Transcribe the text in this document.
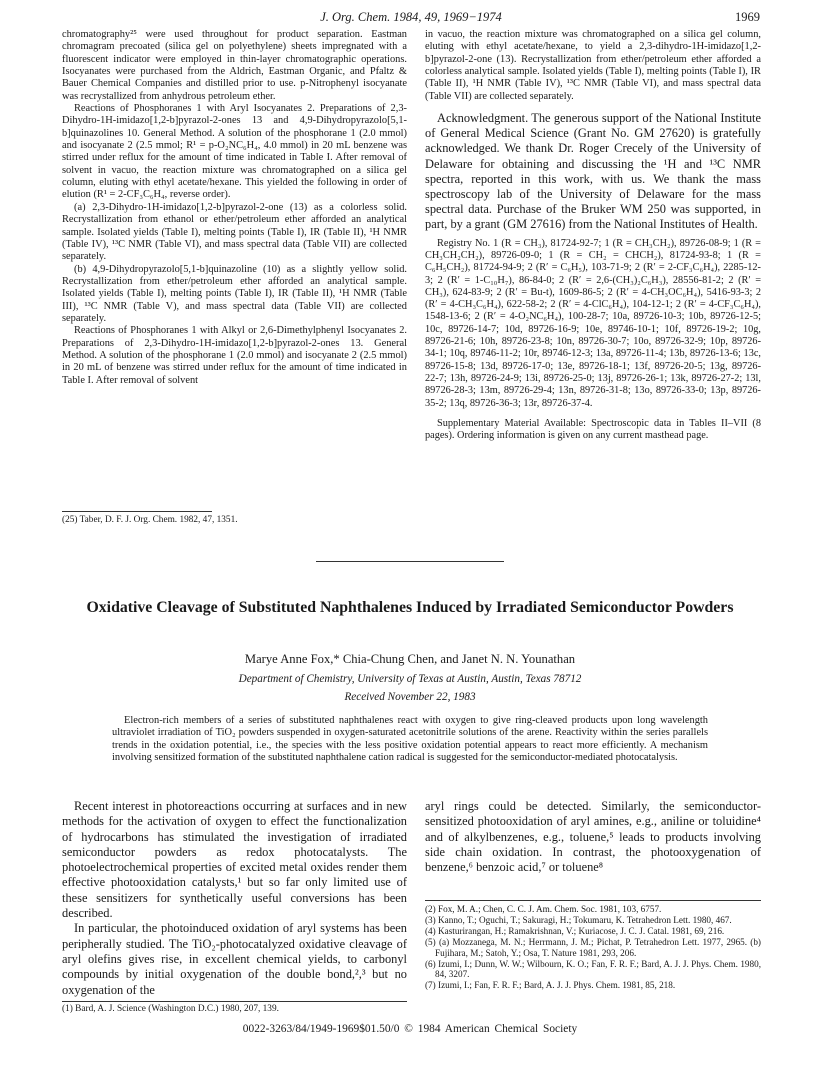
J. Org. Chem. 1984, 49, 1969−1974	1969

chromatography²⁵ were used throughout for product separation. Eastman chromagram precoated (silica gel on polyethylene) sheets impregnated with a fluorescent indicator were employed in thin-layer chromatographic operations. Isocyanates were purchased from the Aldrich, Eastman Organic, and Pfaltz & Bauer Chemical Companies and distilled prior to use. p-Nitrophenyl isocyanate was recrystallized from anhydrous petroleum ether.

Reactions of Phosphoranes 1 with Aryl Isocyanates 2. Preparations of 2,3-Dihydro-1H-imidazo[1,2-b]pyrazol-2-ones 13 and 4,9-Dihydropyrazolo[5,1-b]quinazolines 10. General Method. A solution of the phosphorane 1 (2.0 mmol) and isocyanate 2 (2.5 mmol; R¹ = p-O₂NC₆H₄, 4.0 mmol) in 20 mL benzene was stirred under reflux for the amount of time indicated in Table I. After removal of solvent in vacuo, the reaction mixture was chromatographed on a silica gel column, eluting with ethyl acetate/hexane. This yielded the following in order of elution (R¹ = 2-CF₃C₆H₄, reverse order).

(a) 2,3-Dihydro-1H-imidazo[1,2-b]pyrazol-2-one (13) as a colorless solid. Recrystallization from ethanol or ether/petroleum ether afforded an analytical sample. Isolated yields (Table I), melting points (Table I), IR (Table II), ¹H NMR (Table IV), ¹³C NMR (Table VI), and mass spectral data (Table VII) are collected separately.

(b) 4,9-Dihydropyrazolo[5,1-b]quinazoline (10) as a slightly yellow solid. Recrystallization from ether/petroleum ether afforded an analytical sample. Isolated yields (Table I), melting points (Table I), IR (Table II), ¹H NMR (Table III), ¹³C NMR (Table V), and mass spectral data (Table VII) are collected separately.

Reactions of Phosphoranes 1 with Alkyl or 2,6-Dimethylphenyl Isocyanates 2. Preparations of 2,3-Dihydro-1H-imidazo[1,2-b]pyrazol-2-ones 13. General Method. A solution of the phosphorane 1 (2.0 mmol) and isocyanate 2 (2.5 mmol) in 20 mL of benzene was stirred under reflux for the amount of time indicated in Table I. After removal of solvent

in vacuo, the reaction mixture was chromatographed on a silica gel column, eluting with ethyl acetate/hexane, to yield a 2,3-dihydro-1H-imidazo[1,2-b]pyrazol-2-one (13). Recrystallization from ether/petroleum ether afforded a colorless analytical sample. Isolated yields (Table I), melting points (Table I), IR (Table II), ¹H NMR (Table IV), ¹³C NMR (Table VI), and mass spectral data (Table VII) are collected separately.

Acknowledgment. The generous support of the National Institute of General Medical Science (Grant No. GM 27620) is gratefully acknowledged. We thank Dr. Roger Crecely of the University of Delaware for obtaining and discussing the ¹H and ¹³C NMR spectra, reported in this work, with us. We thank the mass spectroscopy lab of the University of Delaware for the mass spectral data. Purchase of the Bruker WM 250 was supported, in part, by a grant (GM 27616) from the National Institutes of Health.

Registry No. 1 (R = CH₃), 81724-92-7; 1 (R = CH₃CH₂), 89726-08-9; 1 (R = CH₃CH₂CH₂), 89726-09-0; 1 (R = CH₂ = CHCH₂), 81724-93-8; 1 (R = C₆H₅CH₂), 81724-94-9; 2 (R′ = C₆H₅), 103-71-9; 2 (R′ = 2-CF₃C₆H₄), 2285-12-3; 2 (R′ = 1-C₁₀H₇), 86-84-0; 2 (R′ = 2,6-(CH₃)₂C₆H₃), 28556-81-2; 2 (R′ = CH₃), 624-83-9; 2 (R′ = Bu-t), 1609-86-5; 2 (R′ = 4-CH₃OC₆H₄), 5416-93-3; 2 (R′ = 4-CH₃C₆H₄), 622-58-2; 2 (R′ = 4-ClC₆H₄), 104-12-1; 2 (R′ = 4-CF₃C₆H₄), 1548-13-6; 2 (R′ = 4-O₂NC₆H₄), 100-28-7; 10a, 89726-10-3; 10b, 89726-12-5; 10c, 89726-14-7; 10d, 89726-16-9; 10e, 89746-10-1; 10f, 89726-19-2; 10g, 89726-21-6; 10h, 89726-23-8; 10n, 89726-30-7; 10o, 89726-32-9; 10p, 89726-34-1; 10q, 89746-11-2; 10r, 89746-12-3; 13a, 89726-11-4; 13b, 89726-13-6; 13c, 89726-15-8; 13d, 89726-17-0; 13e, 89726-18-1; 13f, 89726-20-5; 13g, 89726-22-7; 13h, 89726-24-9; 13i, 89726-25-0; 13j, 89726-26-1; 13k, 89726-27-2; 13l, 89726-28-3; 13m, 89726-29-4; 13n, 89726-31-8; 13o, 89726-33-0; 13p, 89726-35-2; 13q, 89726-36-3; 13r, 89726-37-4.

Supplementary Material Available: Spectroscopic data in Tables II–VII (8 pages). Ordering information is given on any current masthead page.

(25) Taber, D. F. J. Org. Chem. 1982, 47, 1351.
Oxidative Cleavage of Substituted Naphthalenes Induced by Irradiated Semiconductor Powders
Marye Anne Fox,* Chia-Chung Chen, and Janet N. N. Younathan
Department of Chemistry, University of Texas at Austin, Austin, Texas 78712
Received November 22, 1983
Electron-rich members of a series of substituted naphthalenes react with oxygen to give ring-cleaved products upon long wavelength ultraviolet irradiation of TiO₂ powders suspended in oxygen-saturated acetonitrile solutions of the arene. Reactivity within the series parallels trends in the oxidation potential, i.e., the species with the less positive oxidation potential appears to react more efficiently. A mechanism involving sensitized formation of the substituted naphthalene cation radical is suggested for the semiconductor-mediated photocatalysis.

Recent interest in photoreactions occurring at surfaces and in new methods for the activation of oxygen to effect the functionalization of hydrocarbons has stimulated the investigation of irradiated semiconductor powders as redox photocatalysts. The photoelectrochemical properties of excited metal oxides render them effective photooxidation catalysts,¹ but so far only limited use of these sensitizers for synthetically useful conversions has been described.

In particular, the photoinduced oxidation of aryl systems has been peripherally studied. The TiO₂-photocatalyzed oxidative cleavage of aryl olefins gives rise, in excellent chemical yields, to carbonyl compounds by initial oxygenation of the double bond,²,³ but no oxygenation of the

aryl rings could be detected. Similarly, the semiconductor-sensitized photooxidation of aryl amines, e.g., aniline or toluidine⁴ and of alkylbenzenes, e.g., toluene,⁵ leads to products involving side chain oxidation. In contrast, the photooxygenation of benzene,⁶ benzoic acid,⁷ or toluene⁸

(1) Bard, A. J. Science (Washington D.C.) 1980, 207, 139.

(2) Fox, M. A.; Chen, C. C. J. Am. Chem. Soc. 1981, 103, 6757.

(3) Kanno, T.; Oguchi, T.; Sakuragi, H.; Tokumaru, K. Tetrahedron Lett. 1980, 467.

(4) Kasturirangan, H.; Ramakrishnan, V.; Kuriacose, J. C. J. Catal. 1981, 69, 216.

(5) (a) Mozzanega, M. N.; Herrmann, J. M.; Pichat, P. Tetrahedron Lett. 1977, 2965. (b) Fujihara, M.; Satoh, Y.; Osa, T. Nature 1981, 293, 206.

(6) Izumi, I.; Dunn, W. W.; Wilbourn, K. O.; Fan, F. R. F.; Bard, A. J. J. Phys. Chem. 1980, 84, 3207.

(7) Izumi, I.; Fan, F. R. F.; Bard, A. J. J. Phys. Chem. 1981, 85, 218.

0022-3263/84/1949-1969$01.50/0 © 1984 American Chemical Society
